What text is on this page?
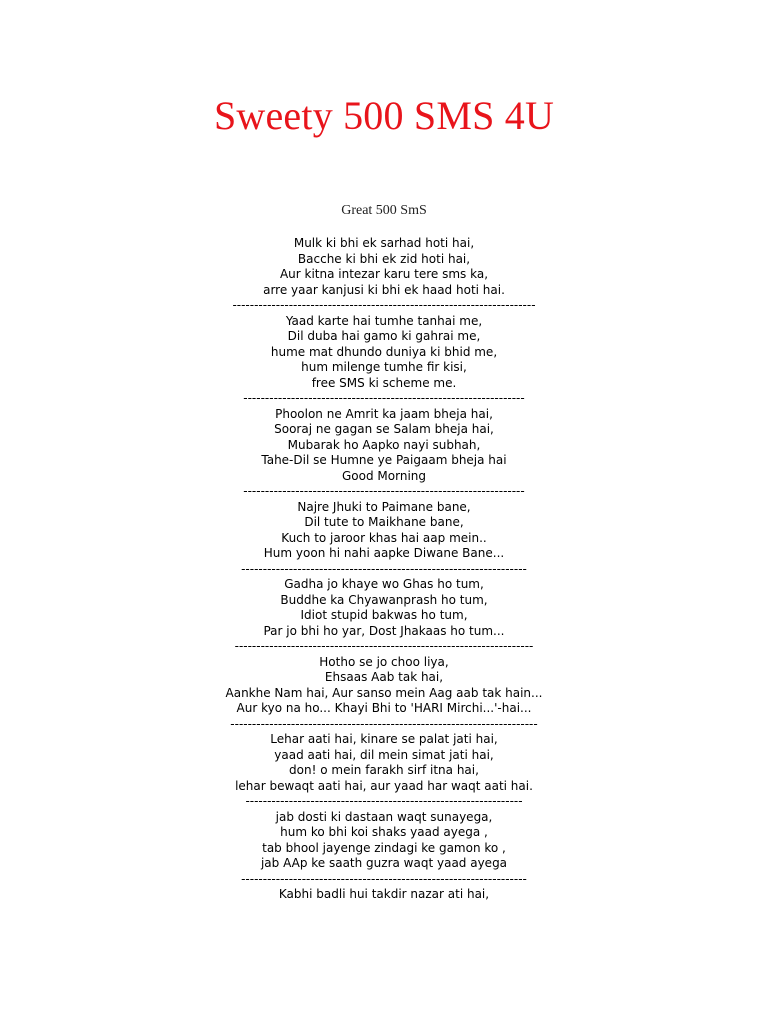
Sweety 500 SMS 4U
Great 500 SmS
Mulk ki bhi ek sarhad hoti hai,
Bacche ki bhi ek zid hoti hai,
Aur kitna intezar karu tere sms ka,
arre yaar kanjusi ki bhi ek haad hoti hai.
----------------------------------------------------------------------
Yaad karte hai tumhe tanhai me,
Dil duba hai gamo ki gahrai me,
hume mat dhundo duniya ki bhid me,
hum milenge tumhe fir kisi,
free SMS ki scheme me.
-----------------------------------------------------------------
Phoolon ne Amrit ka jaam bheja hai,
Sooraj ne gagan se Salam bheja hai,
Mubarak ho Aapko nayi subhah,
Tahe-Dil se Humne ye Paigaam bheja hai
Good Morning
-----------------------------------------------------------------
Najre Jhuki to Paimane bane,
Dil tute to Maikhane bane,
Kuch to jaroor khas hai aap mein..
Hum yoon hi nahi aapke Diwane Bane...
------------------------------------------------------------------
Gadha jo khaye wo Ghas ho tum,
Buddhe ka Chyawanprash ho tum,
Idiot stupid bakwas ho tum,
Par jo bhi ho yar, Dost Jhakaas ho tum...
---------------------------------------------------------------------
Hotho se jo choo liya,
Ehsaas Aab tak hai,
Aankhe Nam hai, Aur sanso mein Aag aab tak hain...
Aur kyo na ho... Khayi Bhi to 'HARI Mirchi...'-hai...
-----------------------------------------------------------------------
Lehar aati hai, kinare se palat jati hai,
yaad aati hai, dil mein simat jati hai,
don! o mein farakh sirf itna hai,
lehar bewaqt aati hai, aur yaad har waqt aati hai.
----------------------------------------------------------------
jab dosti ki dastaan waqt sunayega,
hum ko bhi koi shaks yaad ayega ,
tab bhool jayenge zindagi ke gamon ko ,
jab AAp ke saath guzra waqt yaad ayega
------------------------------------------------------------------
Kabhi badli hui takdir nazar ati hai,
